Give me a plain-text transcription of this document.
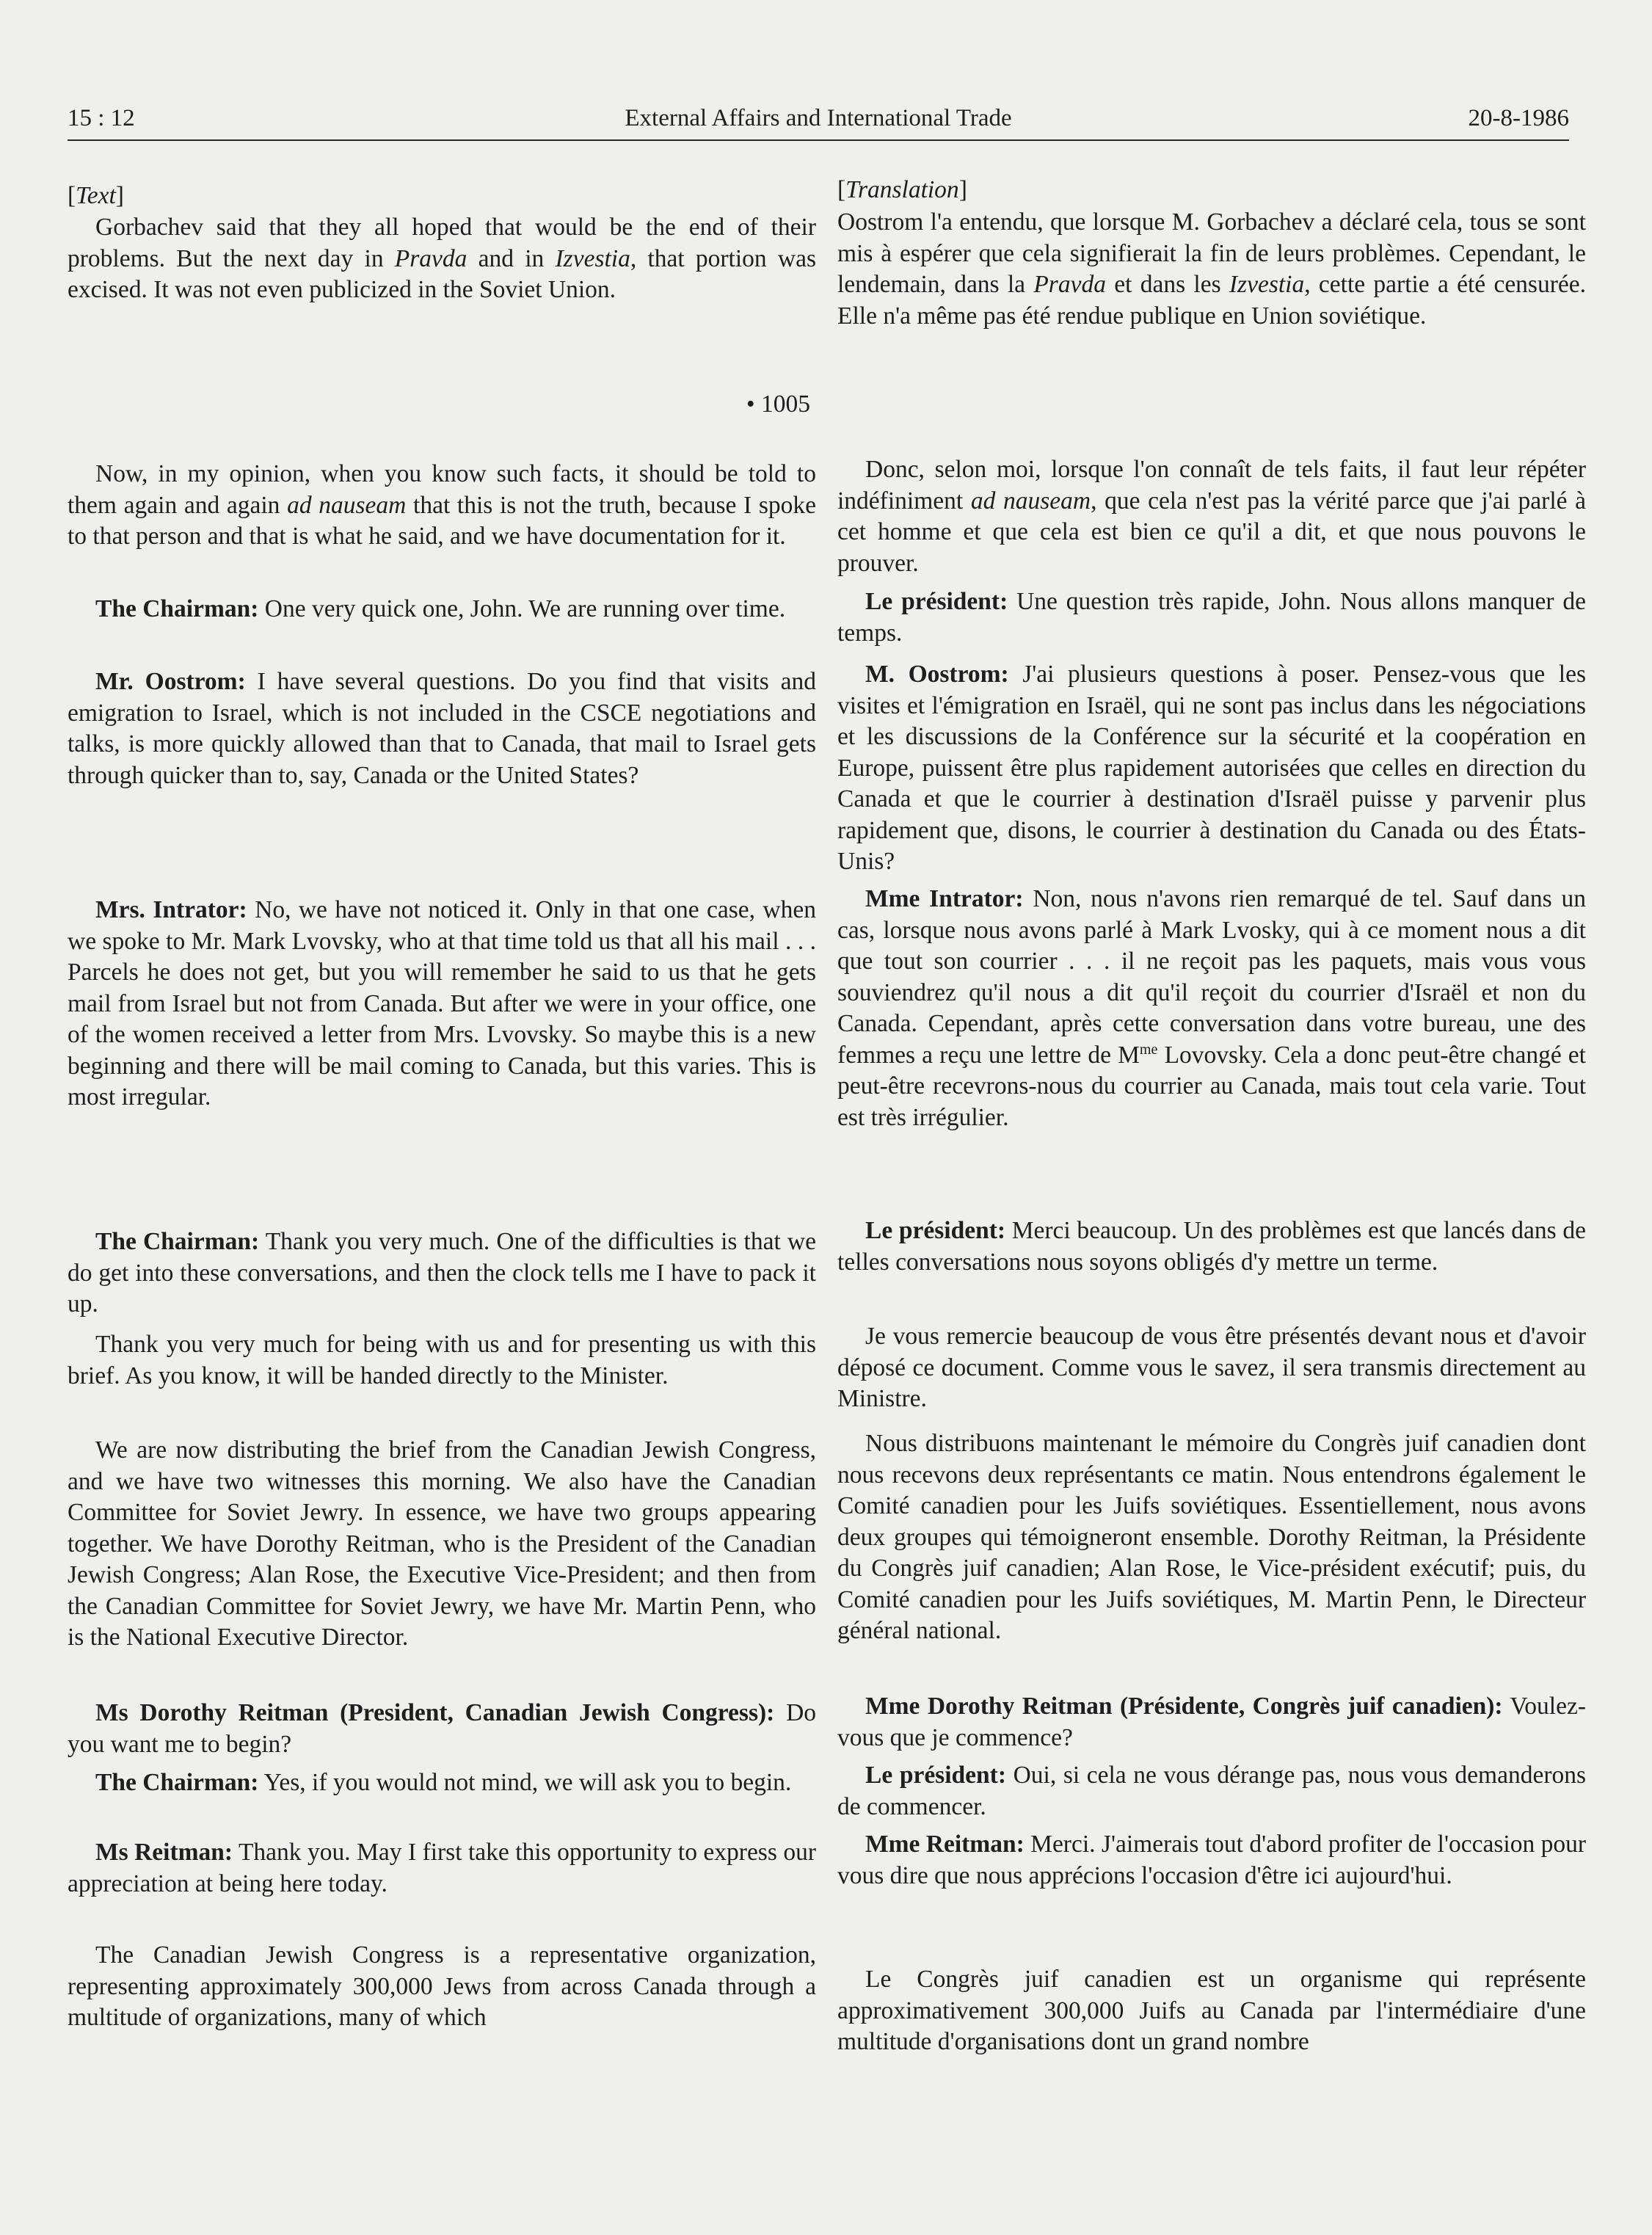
15 : 12	External Affairs and International Trade	20-8-1986
[Text]
Gorbachev said that they all hoped that would be the end of their problems. But the next day in Pravda and in Izvestia, that portion was excised. It was not even publicized in the Soviet Union.
• 1005
Now, in my opinion, when you know such facts, it should be told to them again and again ad nauseam that this is not the truth, because I spoke to that person and that is what he said, and we have documentation for it.
The Chairman: One very quick one, John. We are running over time.
Mr. Oostrom: I have several questions. Do you find that visits and emigration to Israel, which is not included in the CSCE negotiations and talks, is more quickly allowed than that to Canada, that mail to Israel gets through quicker than to, say, Canada or the United States?
Mrs. Intrator: No, we have not noticed it. Only in that one case, when we spoke to Mr. Mark Lvovsky, who at that time told us that all his mail . . . Parcels he does not get, but you will remember he said to us that he gets mail from Israel but not from Canada. But after we were in your office, one of the women received a letter from Mrs. Lvovsky. So maybe this is a new beginning and there will be mail coming to Canada, but this varies. This is most irregular.
The Chairman: Thank you very much. One of the difficulties is that we do get into these conversations, and then the clock tells me I have to pack it up.
Thank you very much for being with us and for presenting us with this brief. As you know, it will be handed directly to the Minister.
We are now distributing the brief from the Canadian Jewish Congress, and we have two witnesses this morning. We also have the Canadian Committee for Soviet Jewry. In essence, we have two groups appearing together. We have Dorothy Reitman, who is the President of the Canadian Jewish Congress; Alan Rose, the Executive Vice-President; and then from the Canadian Committee for Soviet Jewry, we have Mr. Martin Penn, who is the National Executive Director.
Ms Dorothy Reitman (President, Canadian Jewish Congress): Do you want me to begin?
The Chairman: Yes, if you would not mind, we will ask you to begin.
Ms Reitman: Thank you. May I first take this opportunity to express our appreciation at being here today.
The Canadian Jewish Congress is a representative organization, representing approximately 300,000 Jews from across Canada through a multitude of organizations, many of which
[Translation]
Oostrom l'a entendu, que lorsque M. Gorbachev a déclaré cela, tous se sont mis à espérer que cela signifierait la fin de leurs problèmes. Cependant, le lendemain, dans la Pravda et dans les Izvestia, cette partie a été censurée. Elle n'a même pas été rendue publique en Union soviétique.
Donc, selon moi, lorsque l'on connaît de tels faits, il faut leur répéter indéfiniment ad nauseam, que cela n'est pas la vérité parce que j'ai parlé à cet homme et que cela est bien ce qu'il a dit, et que nous pouvons le prouver.
Le président: Une question très rapide, John. Nous allons manquer de temps.
M. Oostrom: J'ai plusieurs questions à poser. Pensez-vous que les visites et l'émigration en Israël, qui ne sont pas inclus dans les négociations et les discussions de la Conférence sur la sécurité et la coopération en Europe, puissent être plus rapidement autorisées que celles en direction du Canada et que le courrier à destination d'Israël puisse y parvenir plus rapidement que, disons, le courrier à destination du Canada ou des États-Unis?
Mme Intrator: Non, nous n'avons rien remarqué de tel. Sauf dans un cas, lorsque nous avons parlé à Mark Lvosky, qui à ce moment nous a dit que tout son courrier . . . il ne reçoit pas les paquets, mais vous vous souviendrez qu'il nous a dit qu'il reçoit du courrier d'Israël et non du Canada. Cependant, après cette conversation dans votre bureau, une des femmes a reçu une lettre de $M^{me}$ Lovovsky. Cela a donc peut-être changé et peut-être recevrons-nous du courrier au Canada, mais tout cela varie. Tout est très irrégulier.
Le président: Merci beaucoup. Un des problèmes est que lancés dans de telles conversations nous soyons obligés d'y mettre un terme.
Je vous remercie beaucoup de vous être présentés devant nous et d'avoir déposé ce document. Comme vous le savez, il sera transmis directement au Ministre.
Nous distribuons maintenant le mémoire du Congrès juif canadien dont nous recevons deux représentants ce matin. Nous entendrons également le Comité canadien pour les Juifs soviétiques. Essentiellement, nous avons deux groupes qui témoigneront ensemble. Dorothy Reitman, la Présidente du Congrès juif canadien; Alan Rose, le Vice-président exécutif; puis, du Comité canadien pour les Juifs soviétiques, M. Martin Penn, le Directeur général national.
Mme Dorothy Reitman (Présidente, Congrès juif canadien): Voulez-vous que je commence?
Le président: Oui, si cela ne vous dérange pas, nous vous demanderons de commencer.
Mme Reitman: Merci. J'aimerais tout d'abord profiter de l'occasion pour vous dire que nous apprécions l'occasion d'être ici aujourd'hui.
Le Congrès juif canadien est un organisme qui représente approximativement 300,000 Juifs au Canada par l'intermédiaire d'une multitude d'organisations dont un grand nombre
